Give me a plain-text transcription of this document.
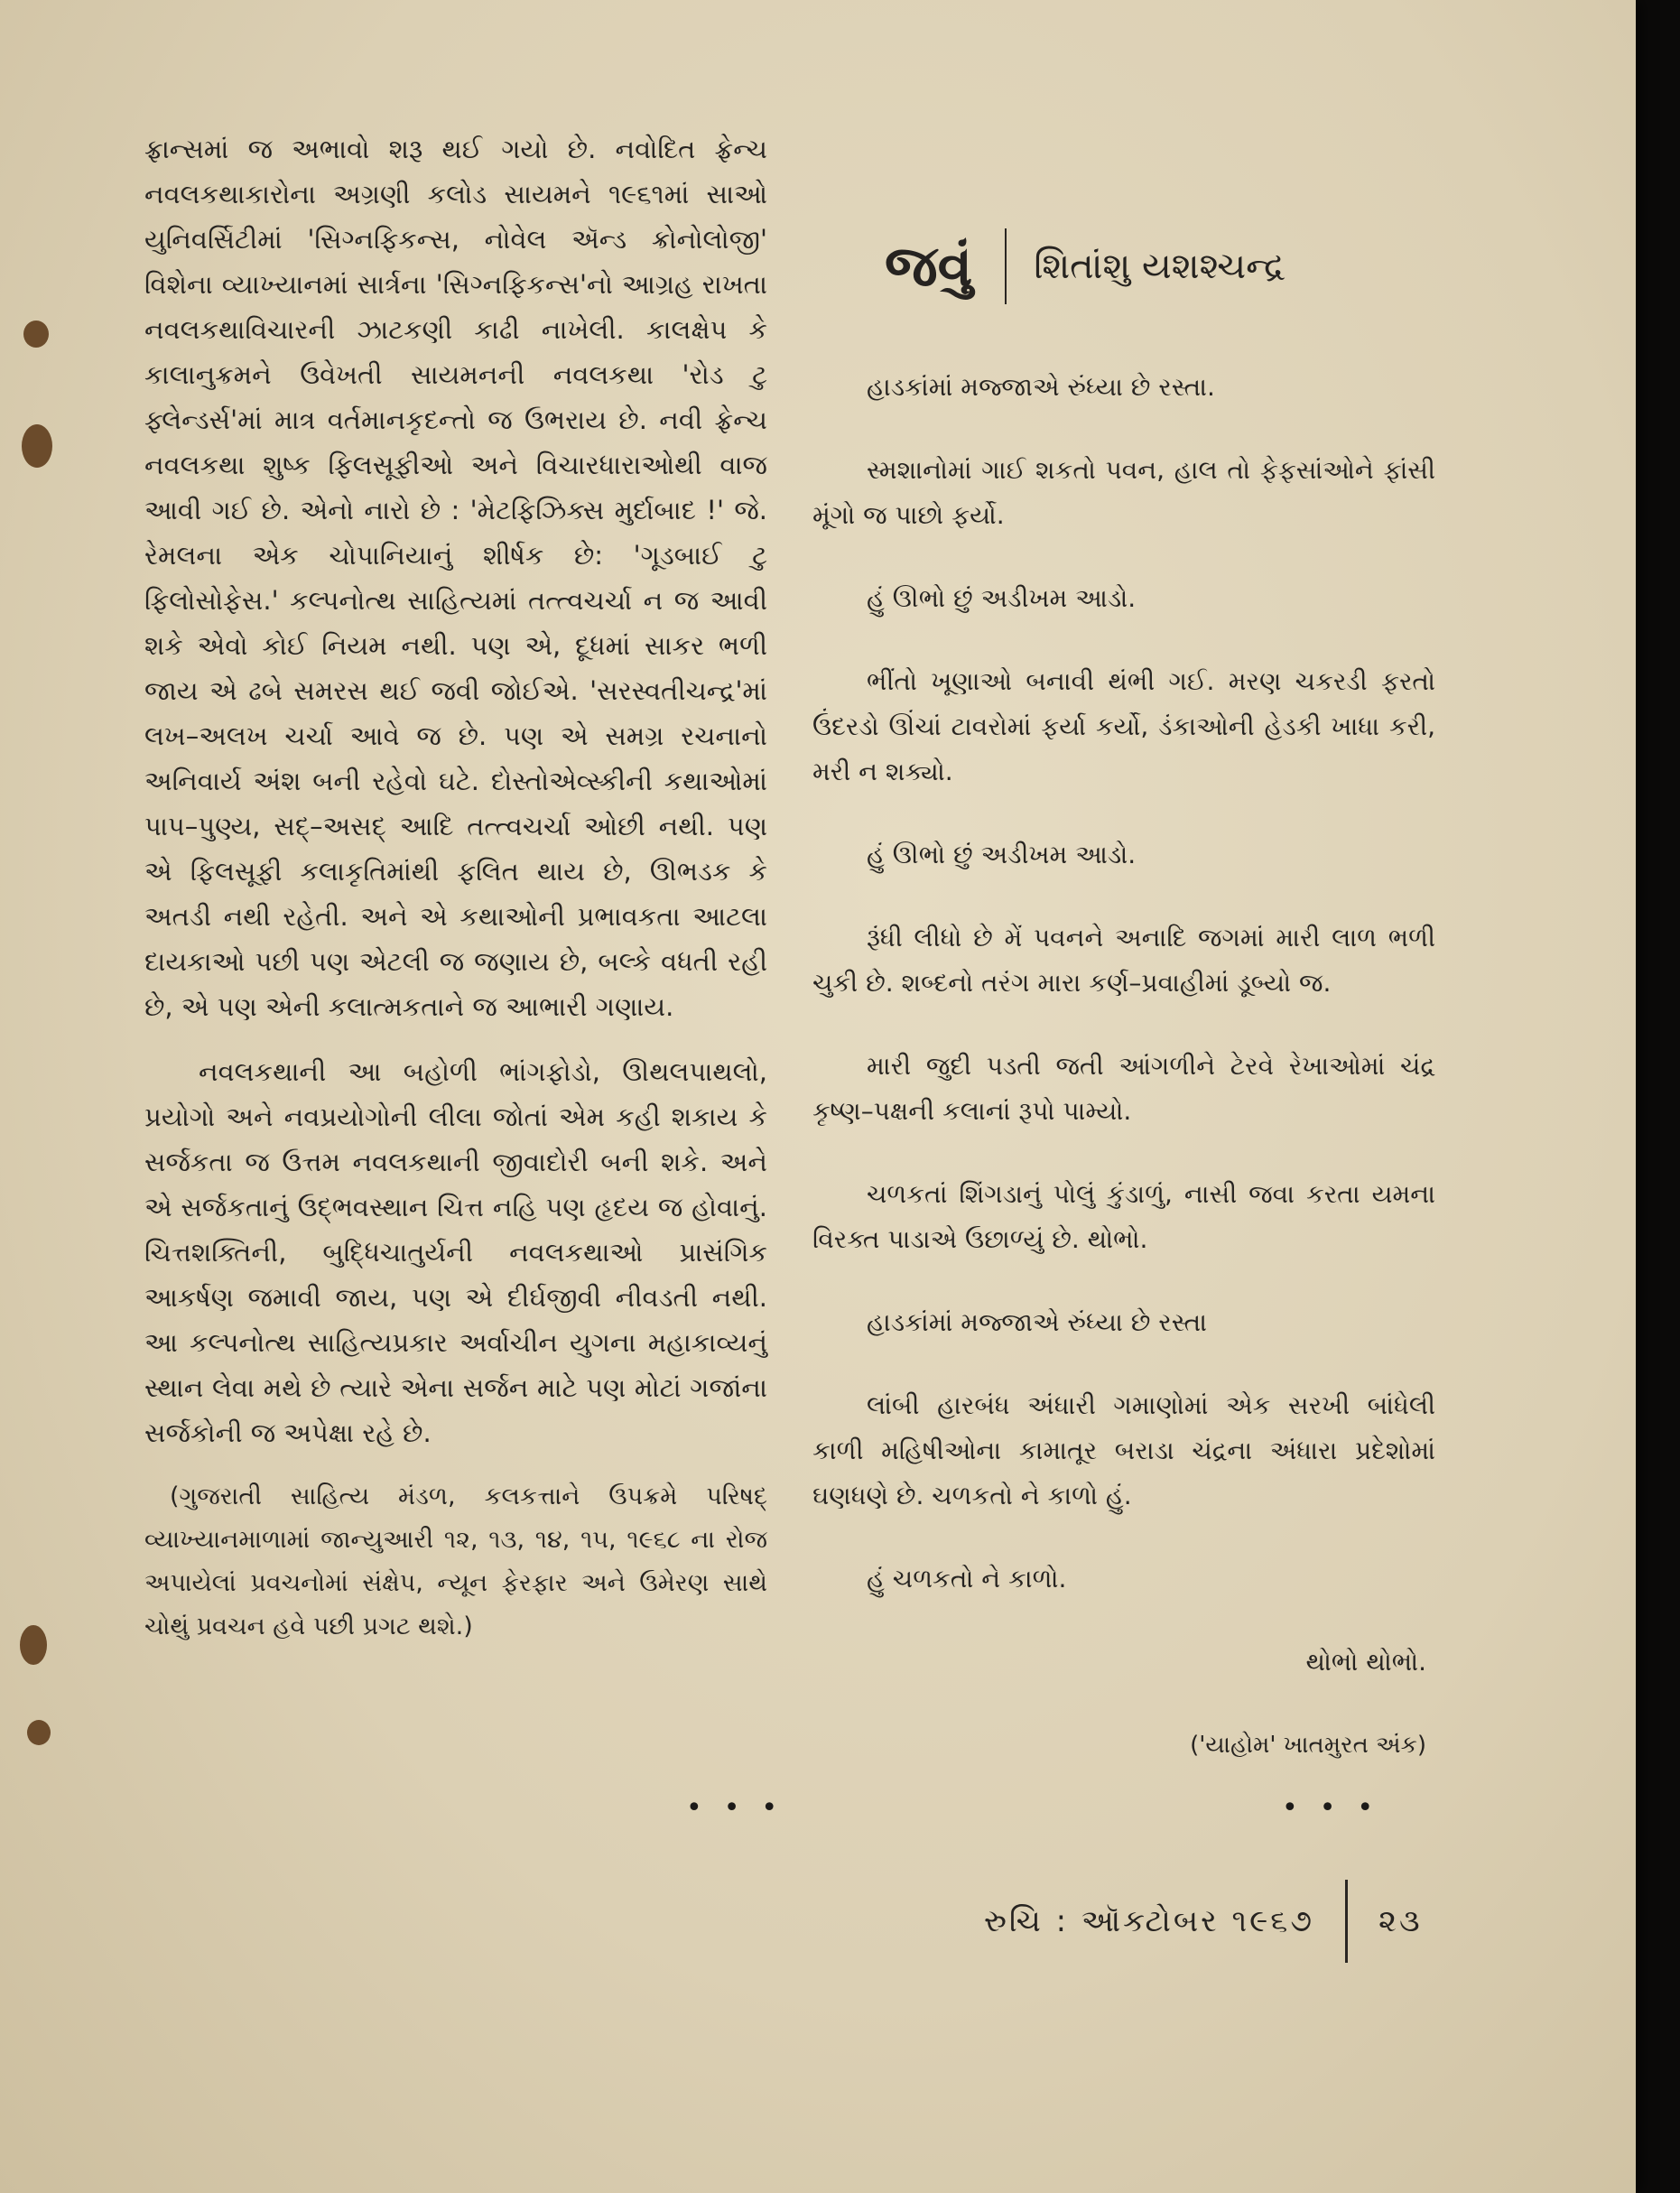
ફ્રાન્સમાં જ અભાવો શરૂ થઈ ગયો છે. નવોદિત ફ્રેન્ચ નવલકથાકારોના અગ્રણી કલોડ સાયમને ૧૯૬૧માં સાઓ યુનિવર્સિટીમાં 'સિગ્નફિકન્સ, નોવેલ ઍન્ડ ક્રોનોલોજી' વિશેના વ્યાખ્યાનમાં સાર્ત્રના 'સિગ્નફિકન્સ'નો આગ્રહ રાખતા નવલકથાવિચારની ઝાટકણી કાઢી નાખેલી. કાલક્ષેપ કે કાલાનુક્રમને ઉવેખતી સાયમનની નવલકથા 'રોડ ટુ ફ્લેન્ડર્સ'માં માત્ર વર્તમાનકૃદન્તો જ ઉભરાય છે. નવી ફ્રેન્ચ નવલકથા શુષ્ક ફિલસૂફીઓ અને વિચારધારાઓથી વાજ આવી ગઈ છે. એનો નારો છે : 'મેટફિઝિક્સ મુર્દાબાદ !' જે. રેમલના એક ચોપાનિયાનું શીર્ષક છે: 'ગૂડબાઈ ટુ ફિલોસોફેસ.' કલ્પનોત્થ સાહિત્યમાં તત્ત્વચર્ચા ન જ આવી શકે એવો કોઈ નિયમ નથી. પણ એ, દૂધમાં સાકર ભળી જાય એ ઢબે સમરસ થઈ જવી જોઈએ. 'સરસ્વતીચન્દ્ર'માં લખ–અલખ ચર્ચા આવે જ છે. પણ એ સમગ્ર રચનાનો અનિવાર્ય અંશ બની રહેવો ઘટે. દોસ્તોએવ્સ્કીની કથાઓમાં પાપ–પુણ્ય, સદ્–અસદ્ આદિ તત્ત્વચર્ચા ઓછી નથી. પણ એ ફિલસૂફી કલાકૃતિમાંથી ફલિત થાય છે, ઊભડક કે અતડી નથી રહેતી. અને એ કથાઓની પ્રભાવકતા આટલા દાયકાઓ પછી પણ એટલી જ જણાય છે, બલ્કે વધતી રહી છે, એ પણ એની કલાત્મકતાને જ આભારી ગણાય.

નવલકથાની આ બહોળી ભાંગફોડો, ઊથલપાથલો, પ્રયોગો અને નવપ્રયોગોની લીલા જોતાં એમ કહી શકાય કે સર્જકતા જ ઉત્તમ નવલકથાની જીવાદોરી બની શકે. અને એ સર્જકતાનું ઉદ્ભવસ્થાન ચિત્ત નહિ પણ હૃદય જ હોવાનું. ચિત્તશક્તિની, બુદ્ધિચાતુર્યની નવલકથાઓ પ્રાસંગિક આકર્ષણ જમાવી જાય, પણ એ દીર્ઘજીવી નીવડતી નથી. આ કલ્પનોત્થ સાહિત્યપ્રકાર અર્વાચીન યુગના મહાકાવ્યનું સ્થાન લેવા મથે છે ત્યારે એના સર્જન માટે પણ મોટાં ગજાંના સર્જકોની જ અપેક્ષા રહે છે.

(ગુજરાતી સાહિત્ય મંડળ, કલકત્તાને ઉપક્રમે પરિષદ્ વ્યાખ્યાનમાળામાં જાન્યુઆરી ૧૨, ૧૩, ૧૪, ૧૫, ૧૯૬૮ ના રોજ અપાયેલાં પ્રવચનોમાં સંક્ષેપ, ન્યૂન ફેરફાર અને ઉમેરણ સાથે ચોથું પ્રવચન હવે પછી પ્રગટ થશે.)

•••
જવું	શિતાંશુ યશશ્ચન્દ્ર

હાડકાંમાં મજ્જાએ રુંધ્યા છે રસ્તા.

સ્મશાનોમાં ગાઈ શકતો પવન, હાલ તો ફેફસાંઓને ફાંસી મૂંગો જ પાછો ફર્યો.

હું ઊભો છું અડીખમ આડો.

ભીંતો ખૂણાઓ બનાવી થંભી ગઈ. મરણ ચકરડી ફરતો ઉંદરડો ઊંચાં ટાવરોમાં ફર્યા કર્યો, ડંકાઓની હેડકી ખાધા કરી, મરી ન શક્યો.

હું ઊભો છું અડીખમ આડો.

રૂંધી લીધો છે મેં પવનને અનાદિ જગમાં મારી લાળ ભળી ચુકી છે. શબ્દનો તરંગ મારા કર્ણ–પ્રવાહીમાં ડૂબ્યો જ.

મારી જુદી પડતી જતી આંગળીને ટેરવે રેખાઓમાં ચંદ્ર કૃષ્ણ–પક્ષની કલાનાં રૂપો પામ્યો.

ચળકતાં શિંગડાનું પોલું કુંડાળું, નાસી જવા કરતા યમના વિરક્ત પાડાએ ઉછાળ્યું છે. થોભો.

હાડકાંમાં મજ્જાએ રુંધ્યા છે રસ્તા

લાંબી હારબંધ અંધારી ગમાણોમાં એક સરખી બાંધેલી કાળી મહિષીઓના કામાતૂર બરાડા ચંદ્રના અંધારા પ્રદેશોમાં ઘણધણે છે. ચળકતો ને કાળો હું.

હું ચળકતો ને કાળો.

થોભો થોભો.

('યાહોમ' ખાતમુરત અંક)

•••
રુચિ : ઑક્ટોબર ૧૯૬૭	૨૩
